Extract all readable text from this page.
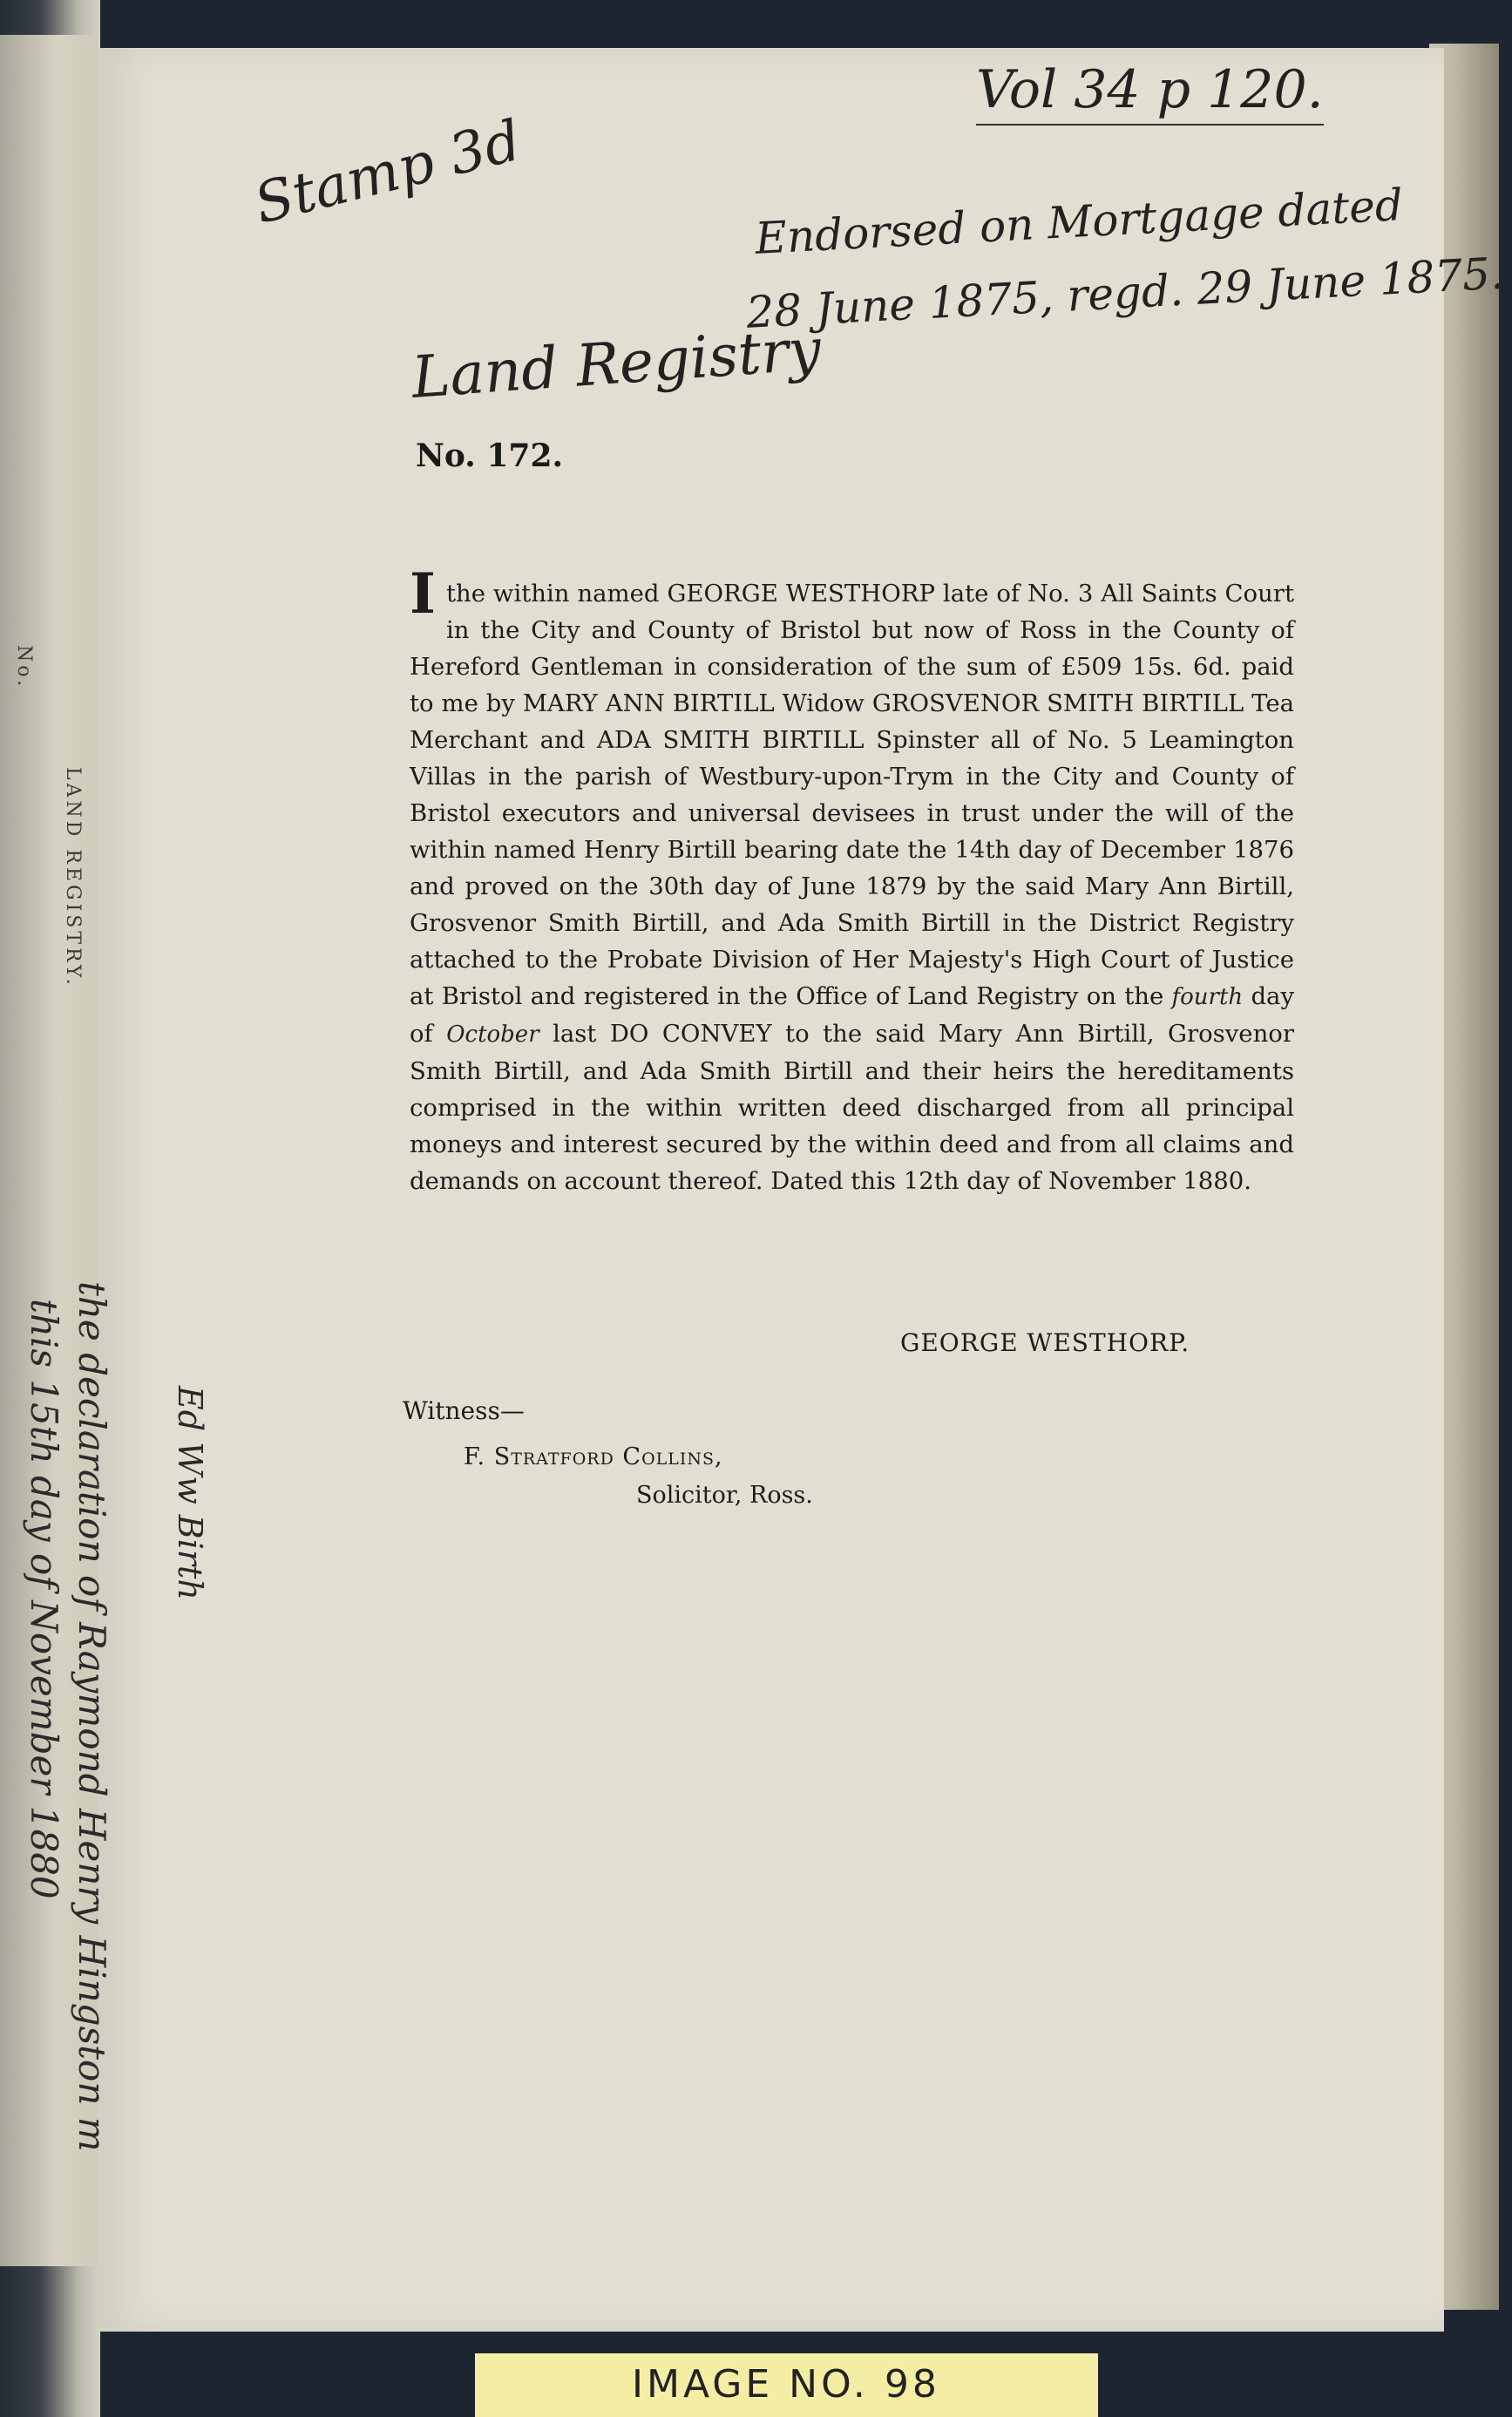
No.
LAND REGISTRY.
Vol 34 p 120.
Stamp 3d	Endorsed on Mortgage dated
28 June 1875, regd. 29 June 1875.
Land Registry
No. 172.

I the within named GEORGE WESTHORP late of No. 3 All Saints Court in the City and County of Bristol but now of Ross in the County of Hereford Gentleman in consideration of the sum of £509 15s. 6d. paid to me by MARY ANN BIRTILL Widow GROSVENOR SMITH BIRTILL Tea Merchant and ADA SMITH BIRTILL Spinster all of No. 5 Leamington Villas in the parish of Westbury-upon-Trym in the City and County of Bristol executors and universal devisees in trust under the will of the within named Henry Birtill bearing date the 14th day of December 1876 and proved on the 30th day of June 1879 by the said Mary Ann Birtill, Grosvenor Smith Birtill, and Ada Smith Birtill in the District Registry attached to the Probate Division of Her Majesty's High Court of Justice at Bristol and registered in the Office of Land Registry on the fourth day of October last DO CONVEY to the said Mary Ann Birtill, Grosvenor Smith Birtill, and Ada Smith Birtill and their heirs the hereditaments comprised in the within written deed discharged from all principal moneys and interest secured by the within deed and from all claims and demands on account thereof. Dated this 12th day of November 1880.

GEORGE WESTHORP.
Witness—
F. Stratford Collins,
Solicitor, Ross.
the declaration of Raymond Henry Hingston m
this 15th day of November 1880	Ed Ww Birth
IMAGE NO. 98
